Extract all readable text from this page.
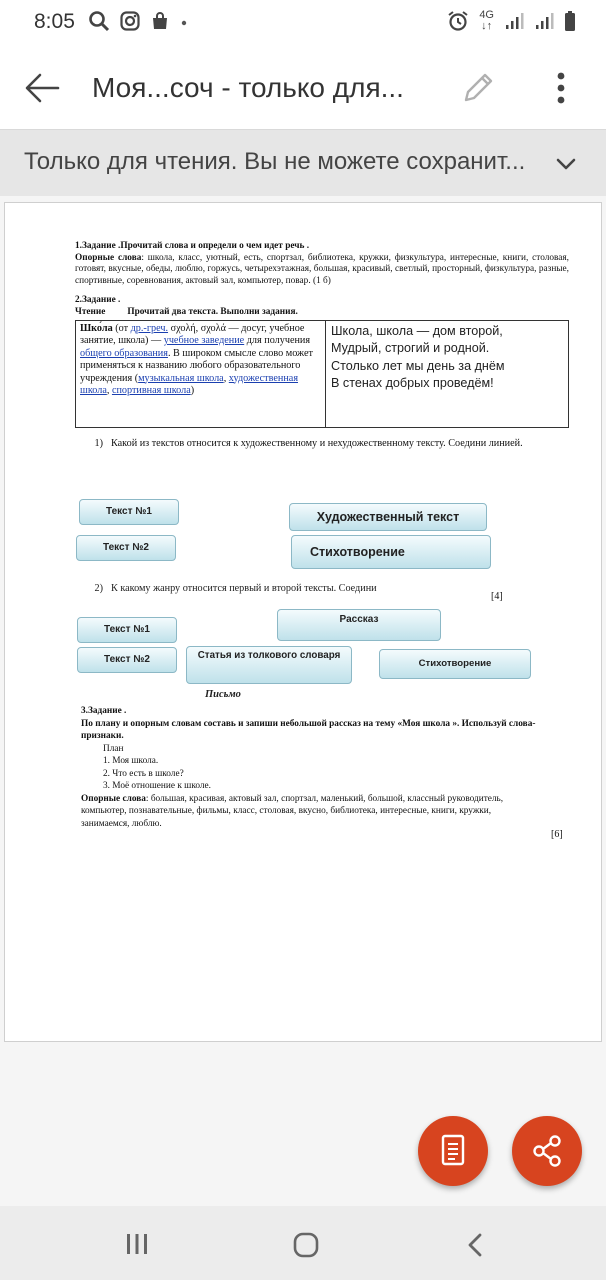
8:05	4G
↓↑
Моя...соч - только для...
Только для чтения. Вы не можете сохранит...
1.Задание .Прочитай слова и определи о чем идет речь .
Опорные слова: школа, класс, уютный, есть, спортзал, библиотека, кружки, физкультура, интересные, книги, столовая, готовят, вкусные, обеды, люблю, горжусь, четырехэтажная, большая, красивый, светлый, просторный, физкультура, разные, спортивные, соревнования, актовый зал, компьютер, повар. (1 б)
2.Задание .
Чтение Прочитай два текста. Выполни задания.
Шко́ла (от др.-греч. σχολή, σχολά — досуг, учебное занятие, школа) — учебное заведение для получения общего образования. В широком смысле слово может применяться к названию любого образовательного учреждения (музыкальная школа, художественная школа, спортивная школа)
Школа, школа — дом второй,
Мудрый, строгий и родной.
Столько лет мы день за днём
В стенах добрых проведём!
1) Какой из текстов относится к художественному и нехудожественному тексту. Соедини линией.
Текст №1
Текст №2
Художественный текст
Стихотворение
2) К какому жанру относится первый и второй тексты. Соедини
[4]
Текст №1
Текст №2
Рассказ
Статья из толкового словаря
Стихотворение
Письмо
3.Задание .
По плану и опорным словам составь и запиши небольшой рассказ на тему «Моя школа ». Используй слова-признаки.
План
1. Моя школа.
2. Что есть в школе?
3. Моё отношение к школе.
Опорные слова: большая, красивая, актовый зал, спортзал, маленький, большой, классный руководитель, компьютер, познавательные, фильмы, класс, столовая, вкусно, библиотека, интересные, книги, кружки, занимаемся, люблю.
[6]
